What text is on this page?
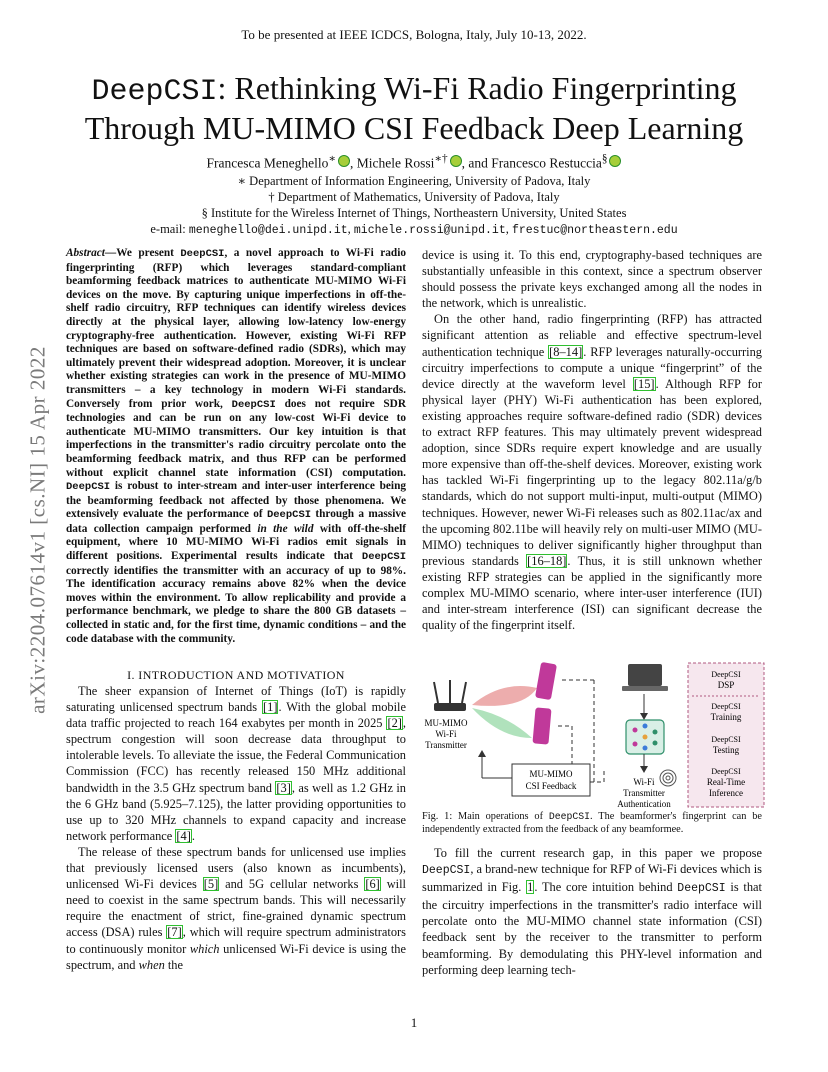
To be presented at IEEE ICDCS, Bologna, Italy, July 10-13, 2022.
DeepCSI: Rethinking Wi-Fi Radio Fingerprinting
Through MU-MIMO CSI Feedback Deep Learning
Francesca Meneghello∗ , Michele Rossi∗† , and Francesco Restuccia§
∗ Department of Information Engineering, University of Padova, Italy
† Department of Mathematics, University of Padova, Italy
§ Institute for the Wireless Internet of Things, Northeastern University, United States
e-mail: meneghello@dei.unipd.it, michele.rossi@unipd.it, frestuc@northeastern.edu
arXiv:2204.07614v1 [cs.NI] 15 Apr 2022
Abstract—We present DeepCSI, a novel approach to Wi-Fi radio fingerprinting (RFP) which leverages standard-compliant beamforming feedback matrices to authenticate MU-MIMO Wi-Fi devices on the move. By capturing unique imperfections in off-the-shelf radio circuitry, RFP techniques can identify wireless devices directly at the physical layer, allowing low-latency low-energy cryptography-free authentication. However, existing Wi-Fi RFP techniques are based on software-defined radio (SDRs), which may ultimately prevent their widespread adoption. Moreover, it is unclear whether existing strategies can work in the presence of MU-MIMO transmitters – a key technology in modern Wi-Fi standards. Conversely from prior work, DeepCSI does not require SDR technologies and can be run on any low-cost Wi-Fi device to authenticate MU-MIMO transmitters. Our key intuition is that imperfections in the transmitter's radio circuitry percolate onto the beamforming feedback matrix, and thus RFP can be performed without explicit channel state information (CSI) computation. DeepCSI is robust to inter-stream and inter-user interference being the beamforming feedback not affected by those phenomena. We extensively evaluate the performance of DeepCSI through a massive data collection campaign performed in the wild with off-the-shelf equipment, where 10 MU-MIMO Wi-Fi radios emit signals in different positions. Experimental results indicate that DeepCSI correctly identifies the transmitter with an accuracy of up to 98%. The identification accuracy remains above 82% when the device moves within the environment. To allow replicability and provide a performance benchmark, we pledge to share the 800 GB datasets – collected in static and, for the first time, dynamic conditions – and the code database with the community.
I. INTRODUCTION AND MOTIVATION

The sheer expansion of Internet of Things (IoT) is rapidly saturating unlicensed spectrum bands [1]. With the global mobile data traffic projected to reach 164 exabytes per month in 2025 [2], spectrum congestion will soon decrease data throughput to intolerable levels. To alleviate the issue, the Federal Communication Commission (FCC) has recently released 150 MHz additional bandwidth in the 3.5 GHz spectrum band [3], as well as 1.2 GHz in the 6 GHz band (5.925–7.125), the latter providing opportunities to use up to 320 MHz channels to expand capacity and increase network performance [4].

The release of these spectrum bands for unlicensed use implies that previously licensed users (also known as incumbents), unlicensed Wi-Fi devices [5] and 5G cellular networks [6] will need to coexist in the same spectrum bands. This will necessarily require the enactment of strict, fine-grained dynamic spectrum access (DSA) rules [7], which will require spectrum administrators to continuously monitor which unlicensed Wi-Fi device is using the spectrum, and when the

device is using it. To this end, cryptography-based techniques are substantially unfeasible in this context, since a spectrum observer should possess the private keys exchanged among all the nodes in the network, which is unrealistic.

On the other hand, radio fingerprinting (RFP) has attracted significant attention as reliable and effective spectrum-level authentication technique [8–14]. RFP leverages naturally-occurring circuitry imperfections to compute a unique “fingerprint” of the device directly at the waveform level [15]. Although RFP for physical layer (PHY) Wi-Fi authentication has been explored, existing approaches require software-defined radio (SDR) devices to extract RFP features. This may ultimately prevent widespread adoption, since SDRs require expert knowledge and are usually more expensive than off-the-shelf devices. Moreover, existing work has tackled Wi-Fi fingerprinting up to the legacy 802.11a/g/b standards, which do not support multi-input, multi-output (MIMO) techniques. However, newer Wi-Fi releases such as 802.11ac/ax and the upcoming 802.11be will heavily rely on multi-user MIMO (MU-MIMO) techniques to deliver significantly higher throughput than previous standards [16–18]. Thus, it is still unknown whether existing RFP strategies can be applied in the significantly more complex MU-MIMO scenario, where inter-user interference (IUI) and inter-stream interference (ISI) can significant decrease the quality of the fingerprint itself.

MU-MIMO
Wi-Fi
Transmitter
MU-MIMO
CSI Feedback	Wi-Fi
Transmitter
Authentication
DeepCSI
DSP
DeepCSI
Training
DeepCSI
Testing
DeepCSI
Real-Time
Inference
Fig. 1: Main operations of DeepCSI. The beamformer's fingerprint can be independently extracted from the feedback of any beamformee.

To fill the current research gap, in this paper we propose DeepCSI, a brand-new technique for RFP of Wi-Fi devices which is summarized in Fig. 1. The core intuition behind DeepCSI is that the circuitry imperfections in the transmitter's radio interface will percolate onto the MU-MIMO channel state information (CSI) feedback sent by the receiver to the transmitter to perform beamforming. By demodulating this PHY-level information and performing deep learning tech-

1
